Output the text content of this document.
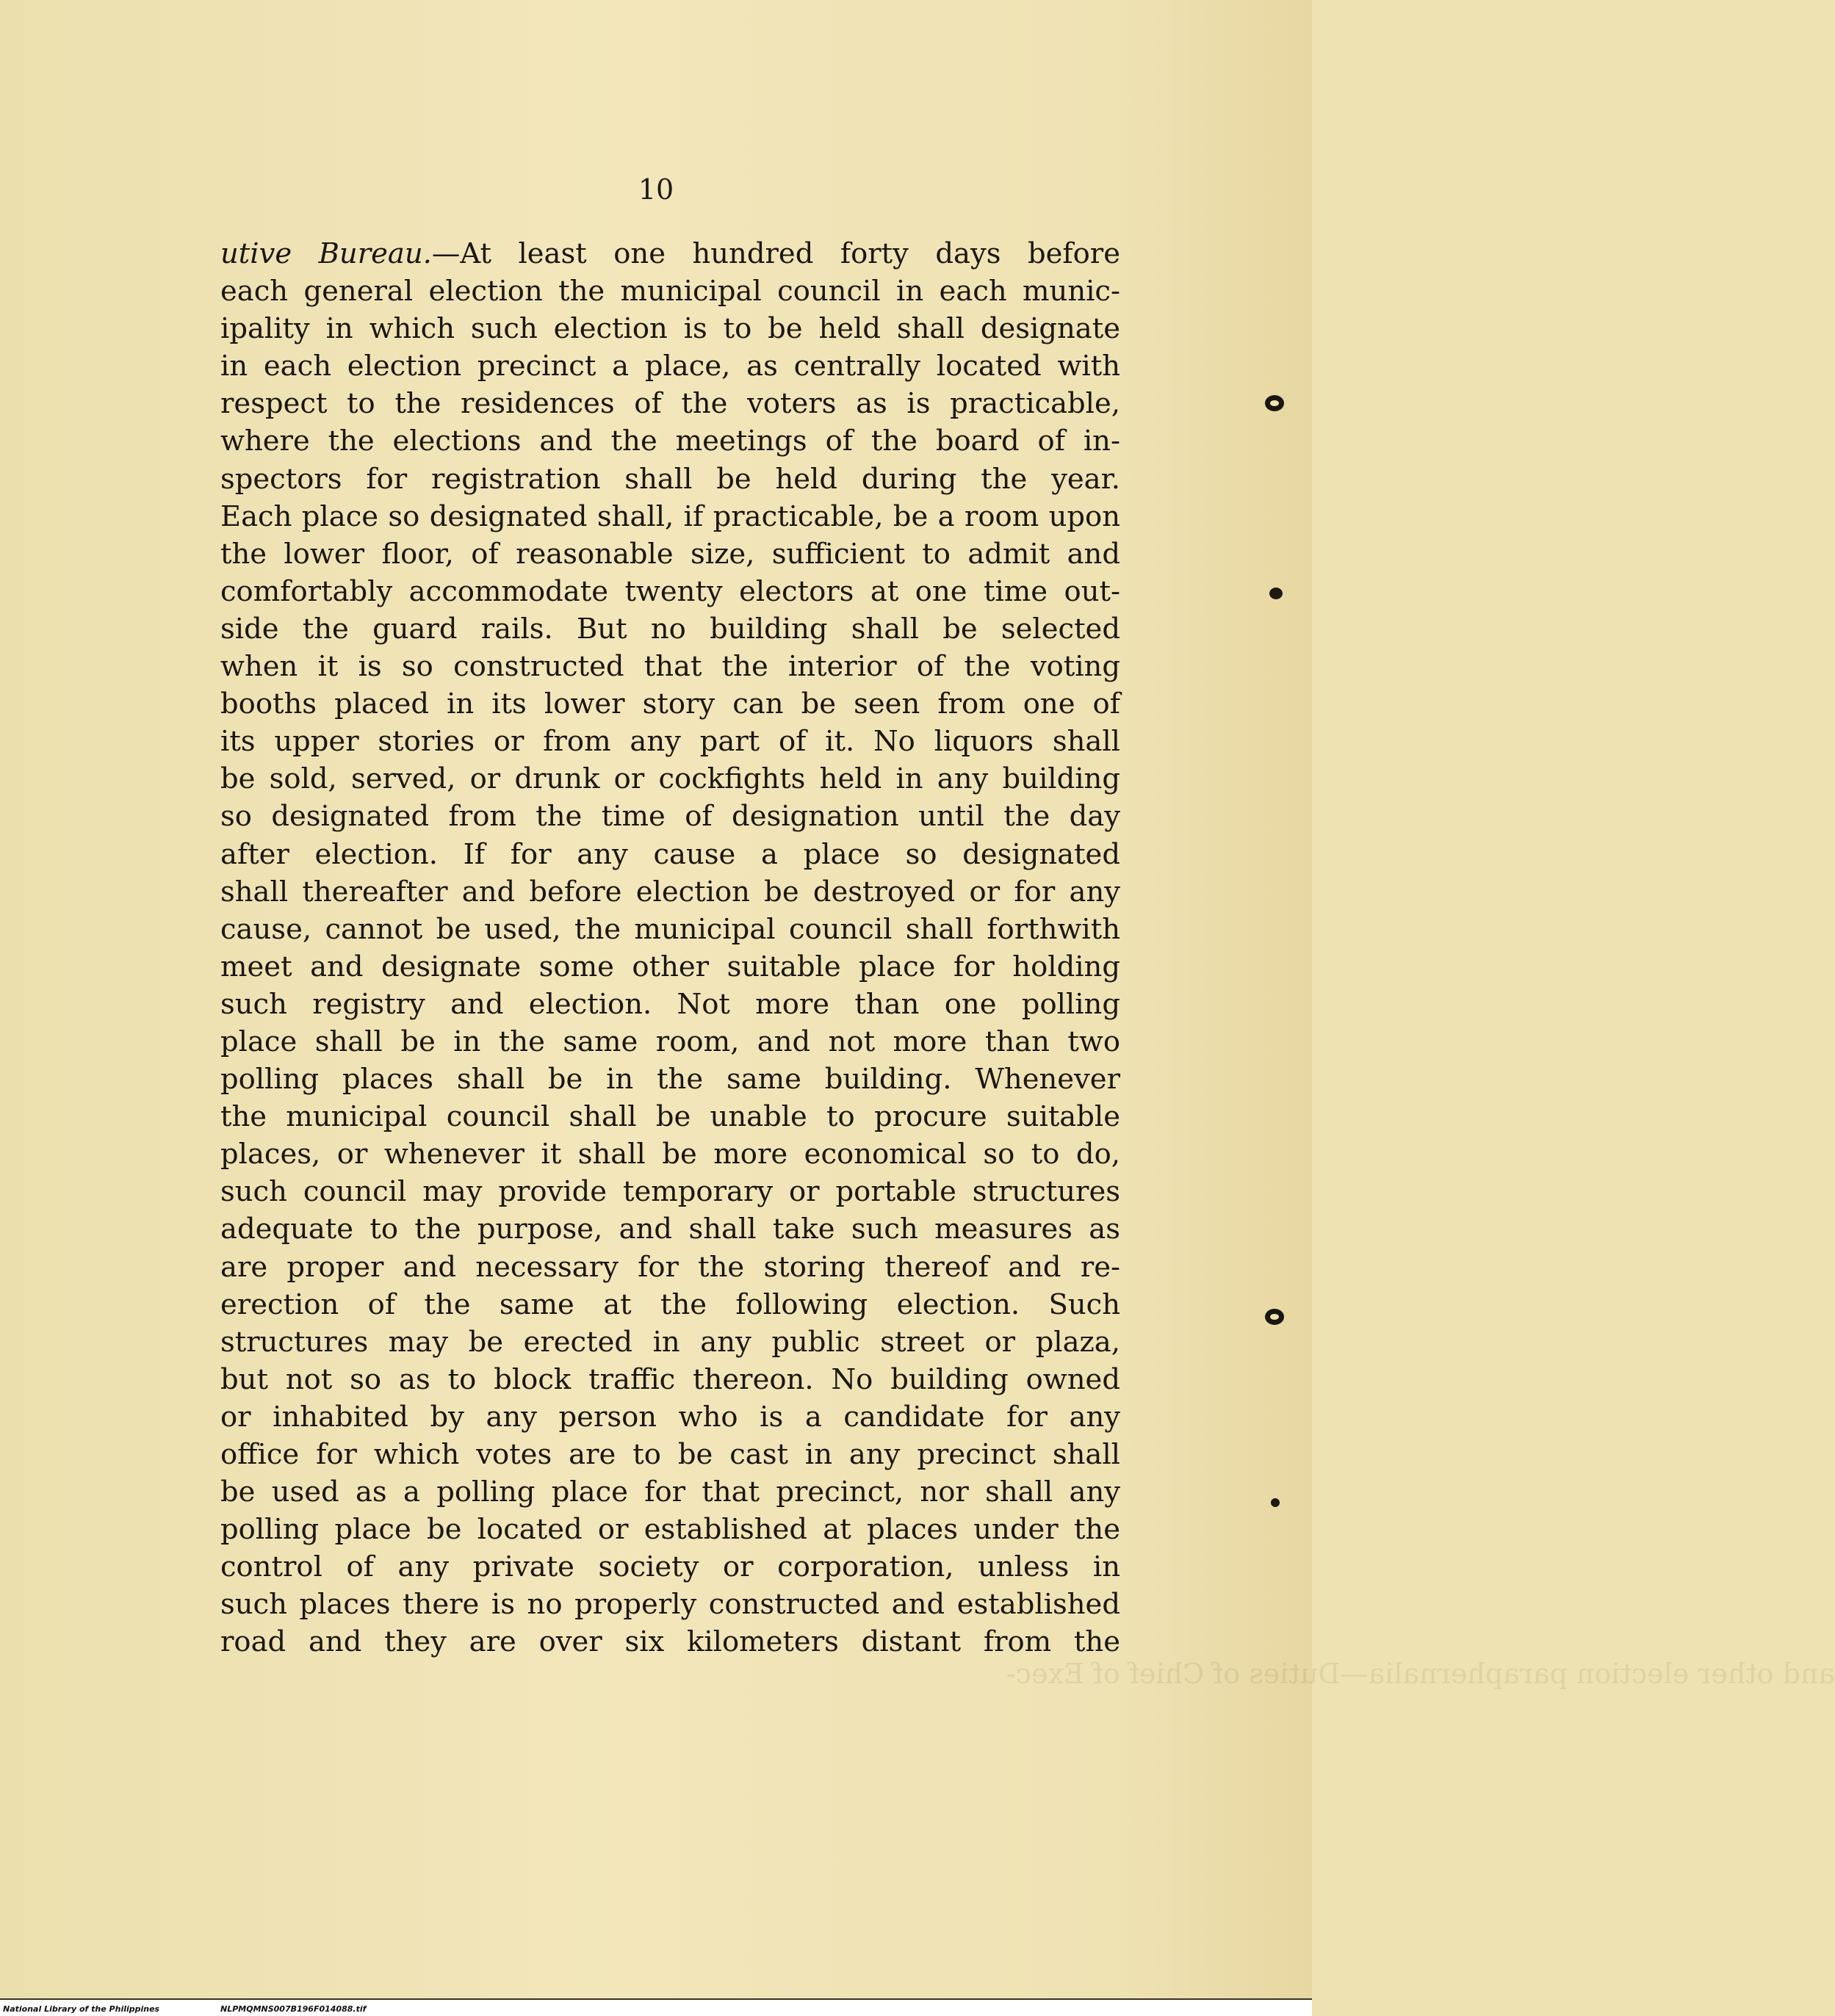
10
utive Bureau.—At least one hundred forty days before
each general election the municipal council in each munic-
ipality in which such election is to be held shall designate
in each election precinct a place, as centrally located with
respect to the residences of the voters as is practicable,
where the elections and the meetings of the board of in-
spectors for registration shall be held during the year.
Each place so designated shall, if practicable, be a room upon
the lower floor, of reasonable size, sufficient to admit and
comfortably accommodate twenty electors at one time out-
side the guard rails. But no building shall be selected
when it is so constructed that the interior of the voting
booths placed in its lower story can be seen from one of
its upper stories or from any part of it. No liquors shall
be sold, served, or drunk or cockfights held in any building
so designated from the time of designation until the day
after election. If for any cause a place so designated
shall thereafter and before election be destroyed or for any
cause, cannot be used, the municipal council shall forthwith
meet and designate some other suitable place for holding
such registry and election. Not more than one polling
place shall be in the same room, and not more than two
polling places shall be in the same building. Whenever
the municipal council shall be unable to procure suitable
places, or whenever it shall be more economical so to do,
such council may provide temporary or portable structures
adequate to the purpose, and shall take such measures as
are proper and necessary for the storing thereof and re-
erection of the same at the following election. Such
structures may be erected in any public street or plaza,
but not so as to block traffic thereon. No building owned
or inhabited by any person who is a candidate for any
office for which votes are to be cast in any precinct shall
be used as a polling place for that precinct, nor shall any
polling place be located or established at places under the
control of any private society or corporation, unless in
such places there is no properly constructed and established
road and they are over six kilometers distant from the
and other election paraphernalia—Duties of Chief of Exec-
National Library of the Philippines	NLPMQMNS007B196F014088.tif
